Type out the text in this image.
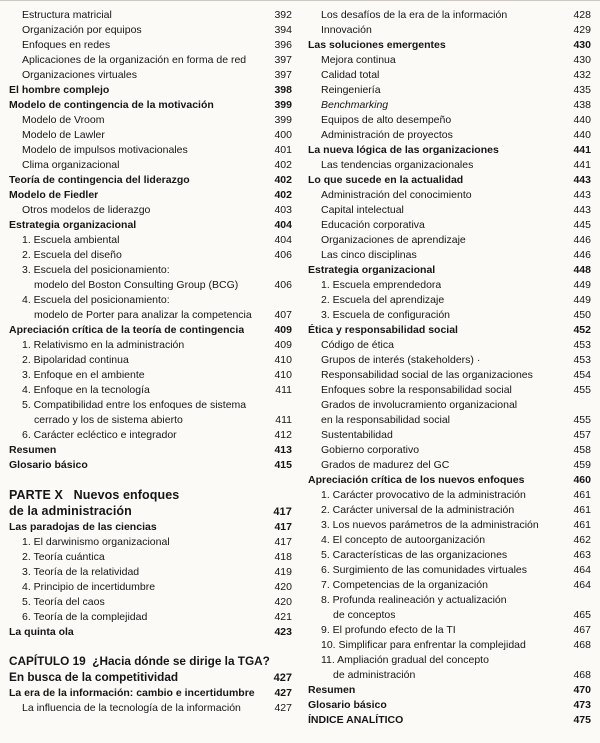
Estructura matricial	392
Organización por equipos	394
Enfoques en redes	396
Aplicaciones de la organización en forma de red	397
Organizaciones virtuales	397
El hombre complejo	398
Modelo de contingencia de la motivación	399
Modelo de Vroom	399
Modelo de Lawler	400
Modelo de impulsos motivacionales	401
Clima organizacional	402
Teoría de contingencia del liderazgo	402
Modelo de Fiedler	402
Otros modelos de liderazgo	403
Estrategia organizacional	404
1. Escuela ambiental	404
2. Escuela del diseño	406
3. Escuela del posicionamiento:
modelo del Boston Consulting Group (BCG)	406
4. Escuela del posicionamiento:
modelo de Porter para analizar la competencia	407
Apreciación crítica de la teoría de contingencia	409
1. Relativismo en la administración	409
2. Bipolaridad continua	410
3. Enfoque en el ambiente	410
4. Enfoque en la tecnología	411
5. Compatibilidad entre los enfoques de sistema
cerrado y los de sistema abierto	411
6. Carácter ecléctico e integrador	412
Resumen	413
Glosario básico	415
PARTE X   Nuevos enfoques
de la administración	417
Las paradojas de las ciencias	417
1. El darwinismo organizacional	417
2. Teoría cuántica	418
3. Teoría de la relatividad	419
4. Principio de incertidumbre	420
5. Teoría del caos	420
6. Teoría de la complejidad	421
La quinta ola	423
CAPÍTULO 19  ¿Hacia dónde se dirige la TGA?
En busca de la competitividad	427
La era de la información: cambio e incertidumbre	427
La influencia de la tecnología de la información	427
Los desafíos de la era de la información	428
Innovación	429
Las soluciones emergentes	430
Mejora continua	430
Calidad total	432
Reingeniería	435
Benchmarking	438
Equipos de alto desempeño	440
Administración de proyectos	440
La nueva lógica de las organizaciones	441
Las tendencias organizacionales	441
Lo que sucede en la actualidad	443
Administración del conocimiento	443
Capital intelectual	443
Educación corporativa	445
Organizaciones de aprendizaje	446
Las cinco disciplinas	446
Estrategia organizacional	448
1. Escuela emprendedora	449
2. Escuela del aprendizaje	449
3. Escuela de configuración	450
Ética y responsabilidad social	452
Código de ética	453
Grupos de interés (stakeholders) ·	453
Responsabilidad social de las organizaciones	454
Enfoques sobre la responsabilidad social	455
Grados de involucramiento organizacional
en la responsabilidad social	455
Sustentabilidad	457
Gobierno corporativo	458
Grados de madurez del GC	459
Apreciación crítica de los nuevos enfoques	460
1. Carácter provocativo de la administración	461
2. Carácter universal de la administración	461
3. Los nuevos parámetros de la administración	461
4. El concepto de autoorganización	462
5. Características de las organizaciones	463
6. Surgimiento de las comunidades virtuales	464
7. Competencias de la organización	464
8. Profunda realineación y actualización
de conceptos	465
9. El profundo efecto de la TI	467
10. Simplificar para enfrentar la complejidad	468
11. Ampliación gradual del concepto
de administración	468
Resumen	470
Glosario básico	473
ÍNDICE ANALÍTICO	475
